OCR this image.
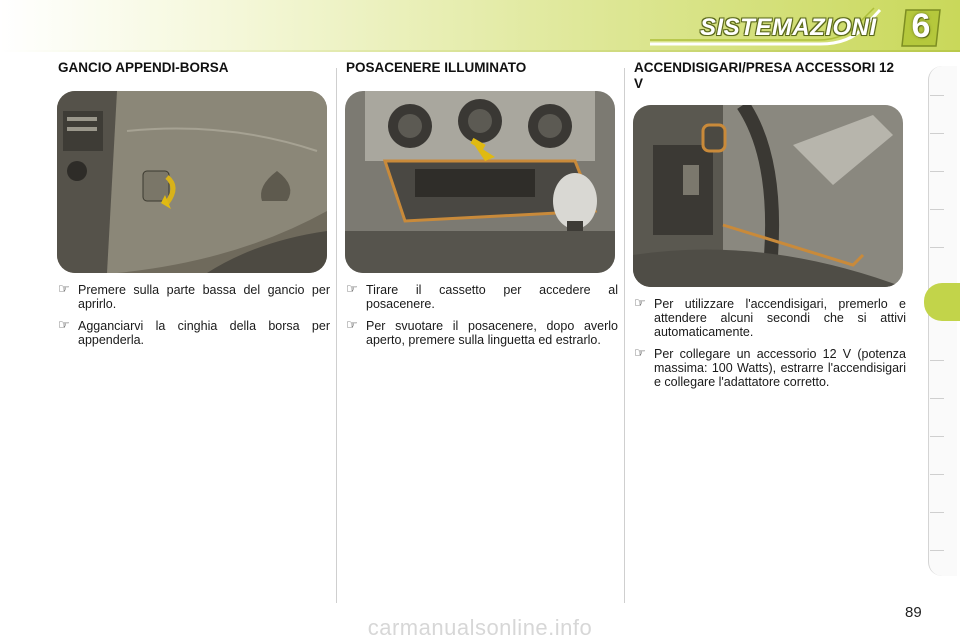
SISTEMAZIONI 6
GANCIO APPENDI-BORSA
☞ Premere sulla parte bassa del gancio per aprirlo.
☞ Agganciarvi la cinghia della borsa per appenderla.
POSACENERE ILLUMINATO
☞ Tirare il cassetto per accedere al posacenere.
☞ Per svuotare il posacenere, dopo averlo aperto, premere sulla linguetta ed estrarlo.
ACCENDISIGARI/PRESA ACCESSORI 12 V
☞ Per utilizzare l'accendisigari, premerlo e attendere alcuni secondi che si attivi automaticamente.
☞ Per collegare un accessorio 12 V (potenza massima: 100 Watts), estrarre l'accendisigari e collegare l'adattatore corretto.
89
carmanualsonline.info
